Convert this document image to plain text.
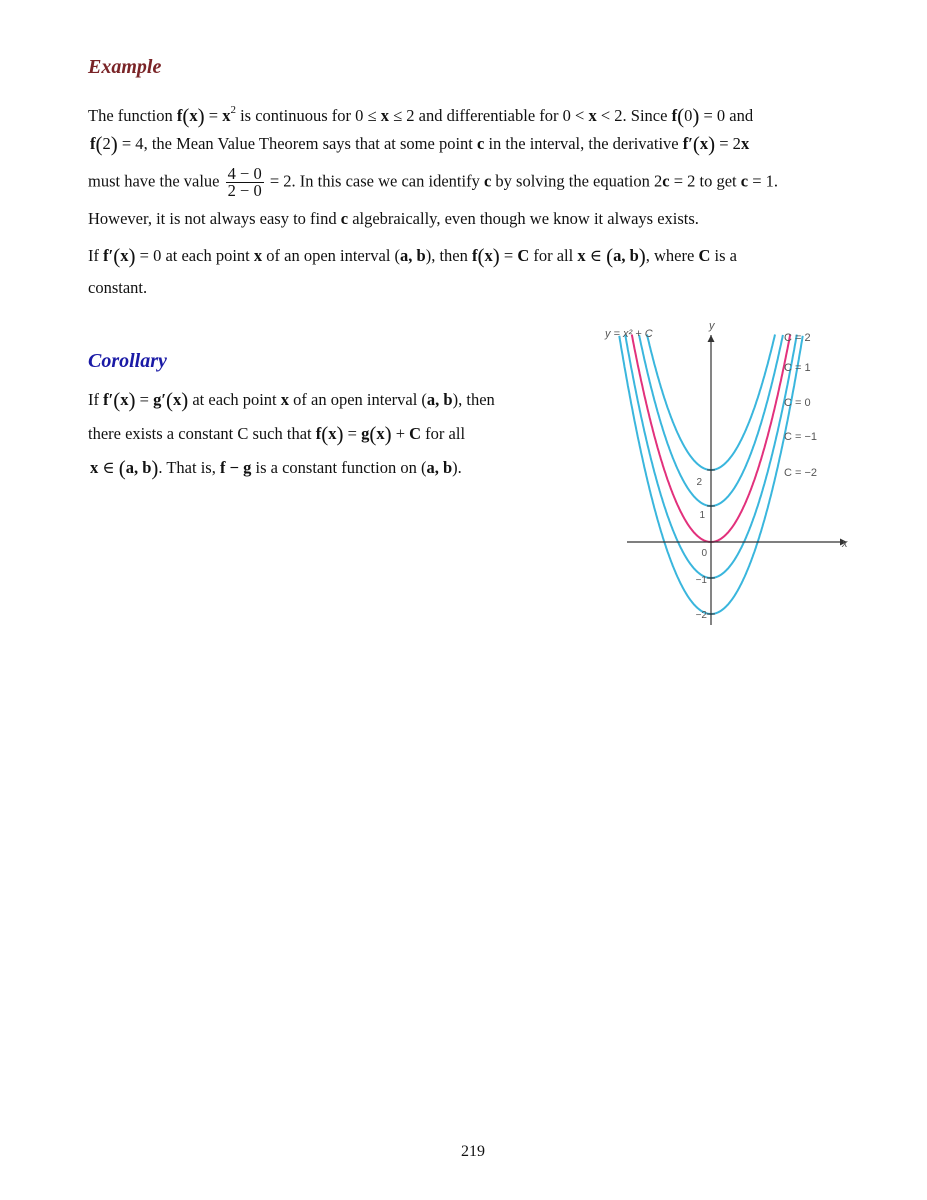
Example
The function $f(x) = x^2$ is continuous for 0 ≤ x ≤ 2 and differentiable for 0 < x < 2. Since f(0) = 0 and
f(2) = 4, the Mean Value Theorem says that at some point c in the interval, the derivative f′(x) = 2x
must have the value $\frac{4 - 0}{2 - 0} = 2$. In this case we can identify c by solving the equation 2c = 2 to get c = 1.
However, it is not always easy to find c algebraically, even though we know it always exists.
If f′(x) = 0 at each point x of an open interval (a, b), then f(x) = C for all x ∈ (a, b), where C is a
constant.
Corollary
If f′(x) = g′(x) at each point x of an open interval (a, b), then
there exists a constant C such that f(x) = g(x) + C for all
x ∈ (a, b). That is, f − g is a constant function on (a, b).
y
x
y = x² + C
2
1
0
−1
−2
C = 2
C = 1
C = 0
C = −1
C = −2
219
